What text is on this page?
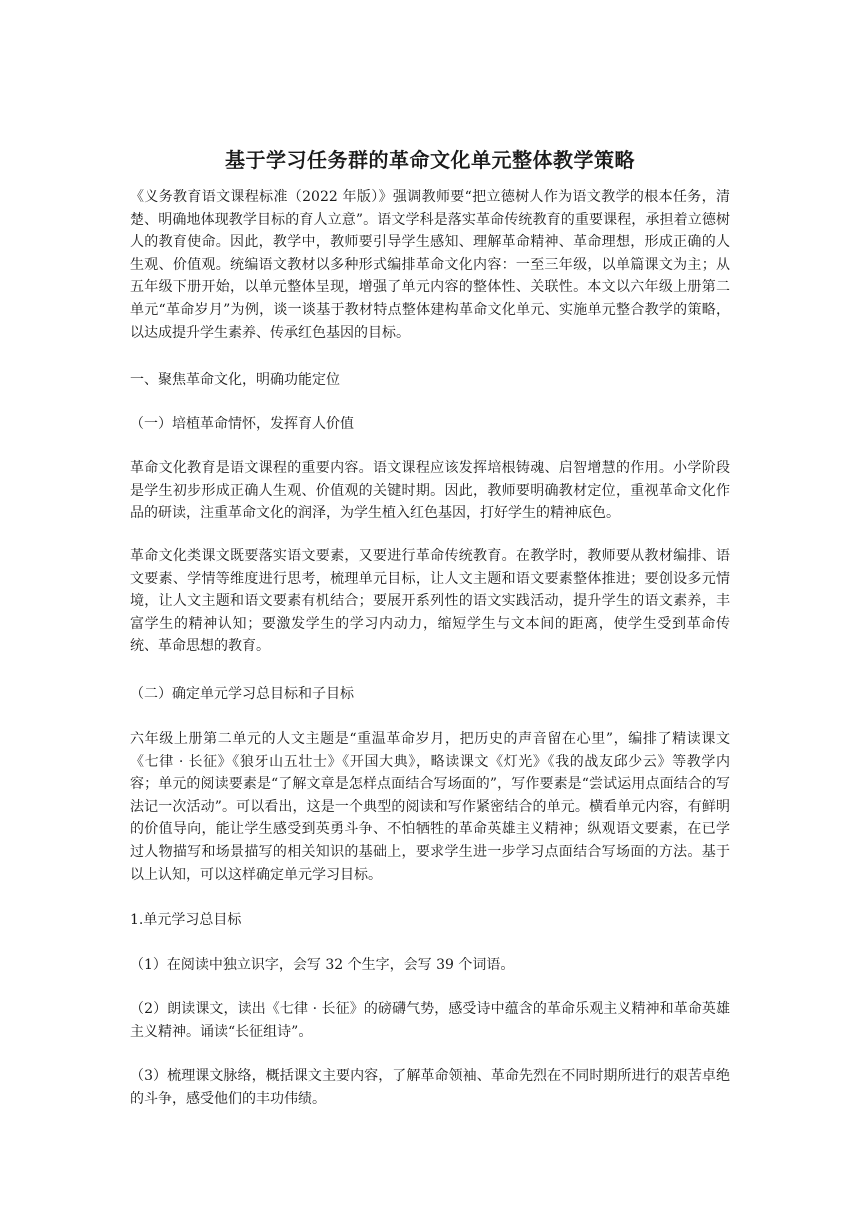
基于学习任务群的革命文化单元整体教学策略

《义务教育语文课程标准（2022 年版）》强调教师要“把立德树人作为语文教学的根本任务，清楚、明确地体现教学目标的育人立意”。语文学科是落实革命传统教育的重要课程，承担着立德树人的教育使命。因此，教学中，教师要引导学生感知、理解革命精神、革命理想，形成正确的人生观、价值观。统编语文教材以多种形式编排革命文化内容：一至三年级，以单篇课文为主；从五年级下册开始，以单元整体呈现，增强了单元内容的整体性、关联性。本文以六年级上册第二单元“革命岁月”为例，谈一谈基于教材特点整体建构革命文化单元、实施单元整合教学的策略，以达成提升学生素养、传承红色基因的目标。

一、聚焦革命文化，明确功能定位

（一）培植革命情怀，发挥育人价值

革命文化教育是语文课程的重要内容。语文课程应该发挥培根铸魂、启智增慧的作用。小学阶段是学生初步形成正确人生观、价值观的关键时期。因此，教师要明确教材定位，重视革命文化作品的研读，注重革命文化的润泽，为学生植入红色基因，打好学生的精神底色。

革命文化类课文既要落实语文要素，又要进行革命传统教育。在教学时，教师要从教材编排、语文要素、学情等维度进行思考，梳理单元目标，让人文主题和语文要素整体推进；要创设多元情境，让人文主题和语文要素有机结合；要展开系列性的语文实践活动，提升学生的语文素养，丰富学生的精神认知；要激发学生的学习内动力，缩短学生与文本间的距离，使学生受到革命传统、革命思想的教育。

（二）确定单元学习总目标和子目标

六年级上册第二单元的人文主题是“重温革命岁月，把历史的声音留在心里”，编排了精读课文《七律 · 长征》《狼牙山五壮士》《开国大典》，略读课文《灯光》《我的战友邱少云》等教学内容；单元的阅读要素是“了解文章是怎样点面结合写场面的”，写作要素是“尝试运用点面结合的写法记一次活动”。可以看出，这是一个典型的阅读和写作紧密结合的单元。横看单元内容，有鲜明的价值导向，能让学生感受到英勇斗争、不怕牺牲的革命英雄主义精神；纵观语文要素，在已学过人物描写和场景描写的相关知识的基础上，要求学生进一步学习点面结合写场面的方法。基于以上认知，可以这样确定单元学习目标。

1.单元学习总目标

（1）在阅读中独立识字，会写 32 个生字，会写 39 个词语。

（2）朗读课文，读出《七律 · 长征》的磅礴气势，感受诗中蕴含的革命乐观主义精神和革命英雄主义精神。诵读“长征组诗”。

（3）梳理课文脉络，概括课文主要内容，了解革命领袖、革命先烈在不同时期所进行的艰苦卓绝的斗争，感受他们的丰功伟绩。
